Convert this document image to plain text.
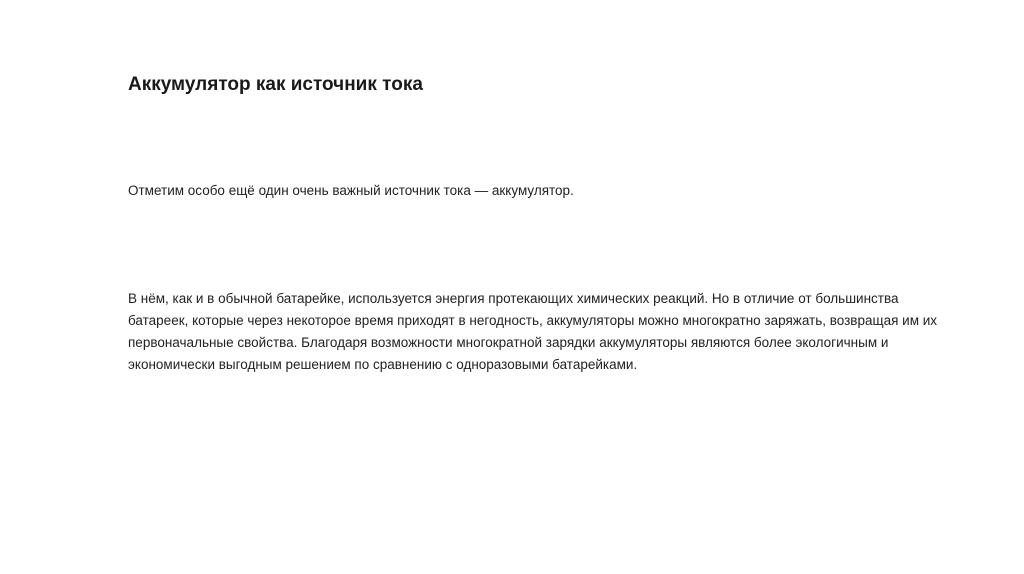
Аккумулятор как источник тока

Отметим особо ещё один очень важный источник тока — аккумулятор.

В нём, как и в обычной батарейке, используется энергия протекающих химических реакций. Но в отличие от большинства батареек, которые через некоторое время приходят в негодность, аккумуляторы можно многократно заряжать, возвращая им их первоначальные свойства. Благодаря возможности многократной зарядки аккумуляторы являются более экологичным и экономически выгодным решением по сравнению с одноразовыми батарейками.
